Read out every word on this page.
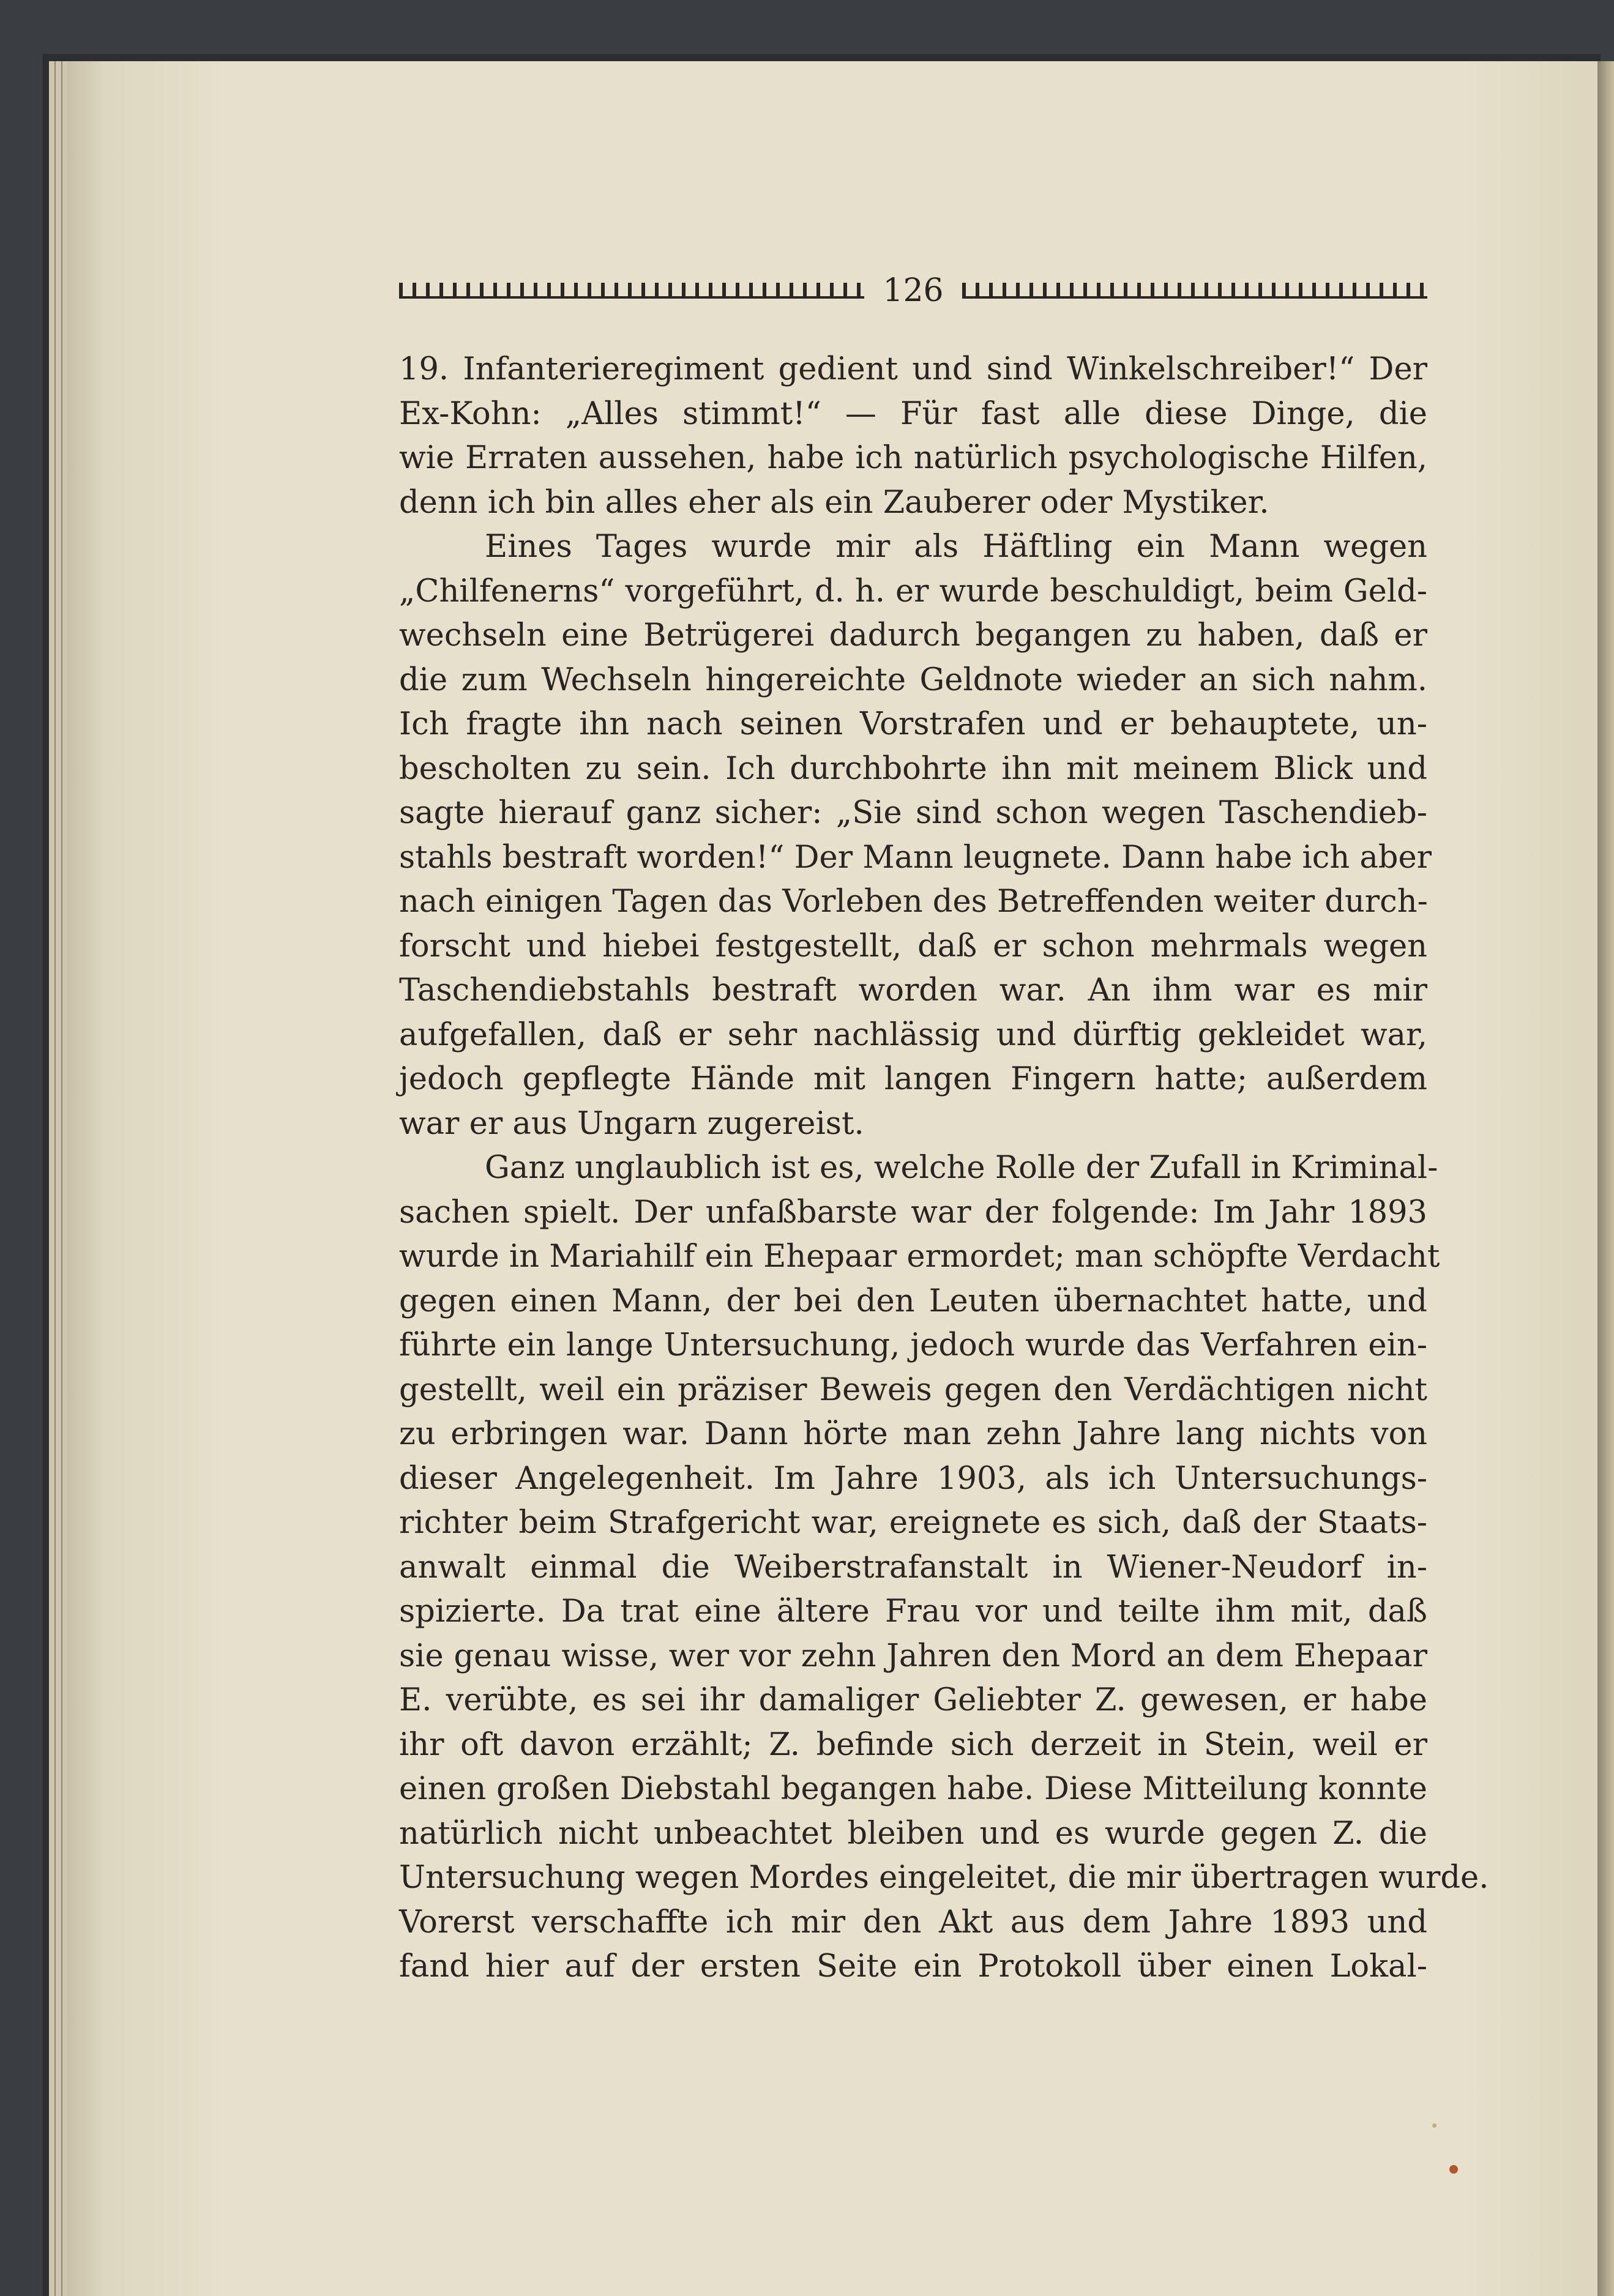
126
19. Infanterieregiment gedient und sind Winkelschreiber!“ Der
Ex-Kohn: „Alles stimmt!“ — Für fast alle diese Dinge, die
wie Erraten aussehen, habe ich natürlich psychologische Hilfen,
denn ich bin alles eher als ein Zauberer oder Mystiker.
Eines Tages wurde mir als Häftling ein Mann wegen
„Chilfenerns“ vorgeführt, d. h. er wurde beschuldigt, beim Geld-
wechseln eine Betrügerei dadurch begangen zu haben, daß er
die zum Wechseln hingereichte Geldnote wieder an sich nahm.
Ich fragte ihn nach seinen Vorstrafen und er behauptete, un-
bescholten zu sein. Ich durchbohrte ihn mit meinem Blick und
sagte hierauf ganz sicher: „Sie sind schon wegen Taschendieb-
stahls bestraft worden!“ Der Mann leugnete. Dann habe ich aber
nach einigen Tagen das Vorleben des Betreffenden weiter durch-
forscht und hiebei festgestellt, daß er schon mehrmals wegen
Taschendiebstahls bestraft worden war. An ihm war es mir
aufgefallen, daß er sehr nachlässig und dürftig gekleidet war,
jedoch gepflegte Hände mit langen Fingern hatte; außerdem
war er aus Ungarn zugereist.
Ganz unglaublich ist es, welche Rolle der Zufall in Kriminal-
sachen spielt. Der unfaßbarste war der folgende: Im Jahr 1893
wurde in Mariahilf ein Ehepaar ermordet; man schöpfte Verdacht
gegen einen Mann, der bei den Leuten übernachtet hatte, und
führte ein lange Untersuchung, jedoch wurde das Verfahren ein-
gestellt, weil ein präziser Beweis gegen den Verdächtigen nicht
zu erbringen war. Dann hörte man zehn Jahre lang nichts von
dieser Angelegenheit. Im Jahre 1903, als ich Untersuchungs-
richter beim Strafgericht war, ereignete es sich, daß der Staats-
anwalt einmal die Weiberstrafanstalt in Wiener-Neudorf in-
spizierte. Da trat eine ältere Frau vor und teilte ihm mit, daß
sie genau wisse, wer vor zehn Jahren den Mord an dem Ehepaar
E. verübte, es sei ihr damaliger Geliebter Z. gewesen, er habe
ihr oft davon erzählt; Z. befinde sich derzeit in Stein, weil er
einen großen Diebstahl begangen habe. Diese Mitteilung konnte
natürlich nicht unbeachtet bleiben und es wurde gegen Z. die
Untersuchung wegen Mordes eingeleitet, die mir übertragen wurde.
Vorerst verschaffte ich mir den Akt aus dem Jahre 1893 und
fand hier auf der ersten Seite ein Protokoll über einen Lokal-
